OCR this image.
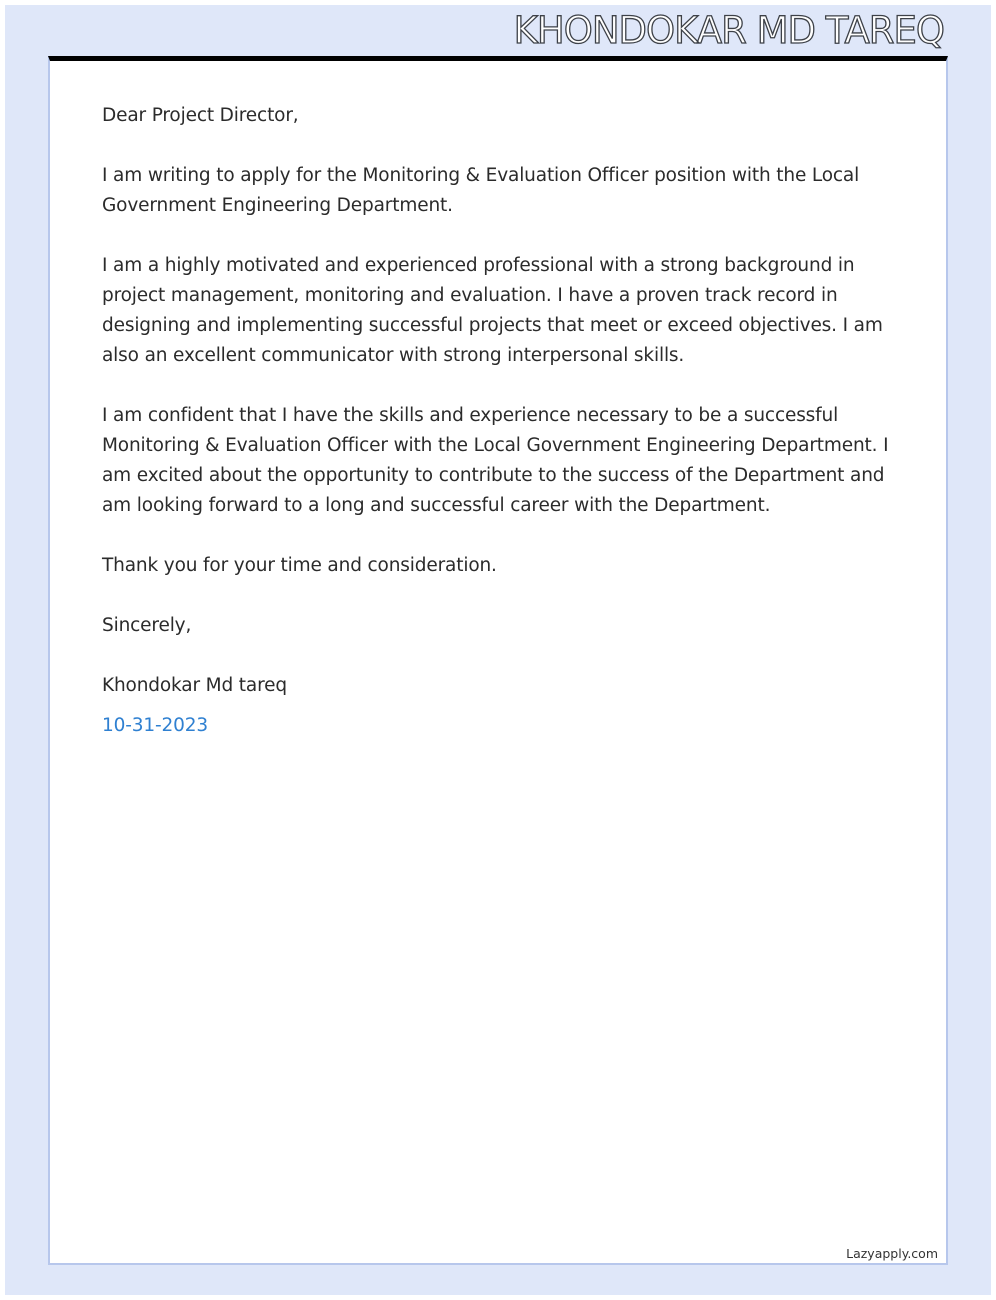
Dear Project Director,

I am writing to apply for the Monitoring & Evaluation Officer position with the Local Government Engineering Department.

I am a highly motivated and experienced professional with a strong background in project management, monitoring and evaluation. I have a proven track record in designing and implementing successful projects that meet or exceed objectives. I am also an excellent communicator with strong interpersonal skills.

I am confident that I have the skills and experience necessary to be a successful Monitoring & Evaluation Officer with the Local Government Engineering Department. I am excited about the opportunity to contribute to the success of the Department and am looking forward to a long and successful career with the Department.

Thank you for your time and consideration.

Sincerely,

Khondokar Md tareq

10-31-2023

Lazyapply.com
KHONDOKAR MD TAREQ
